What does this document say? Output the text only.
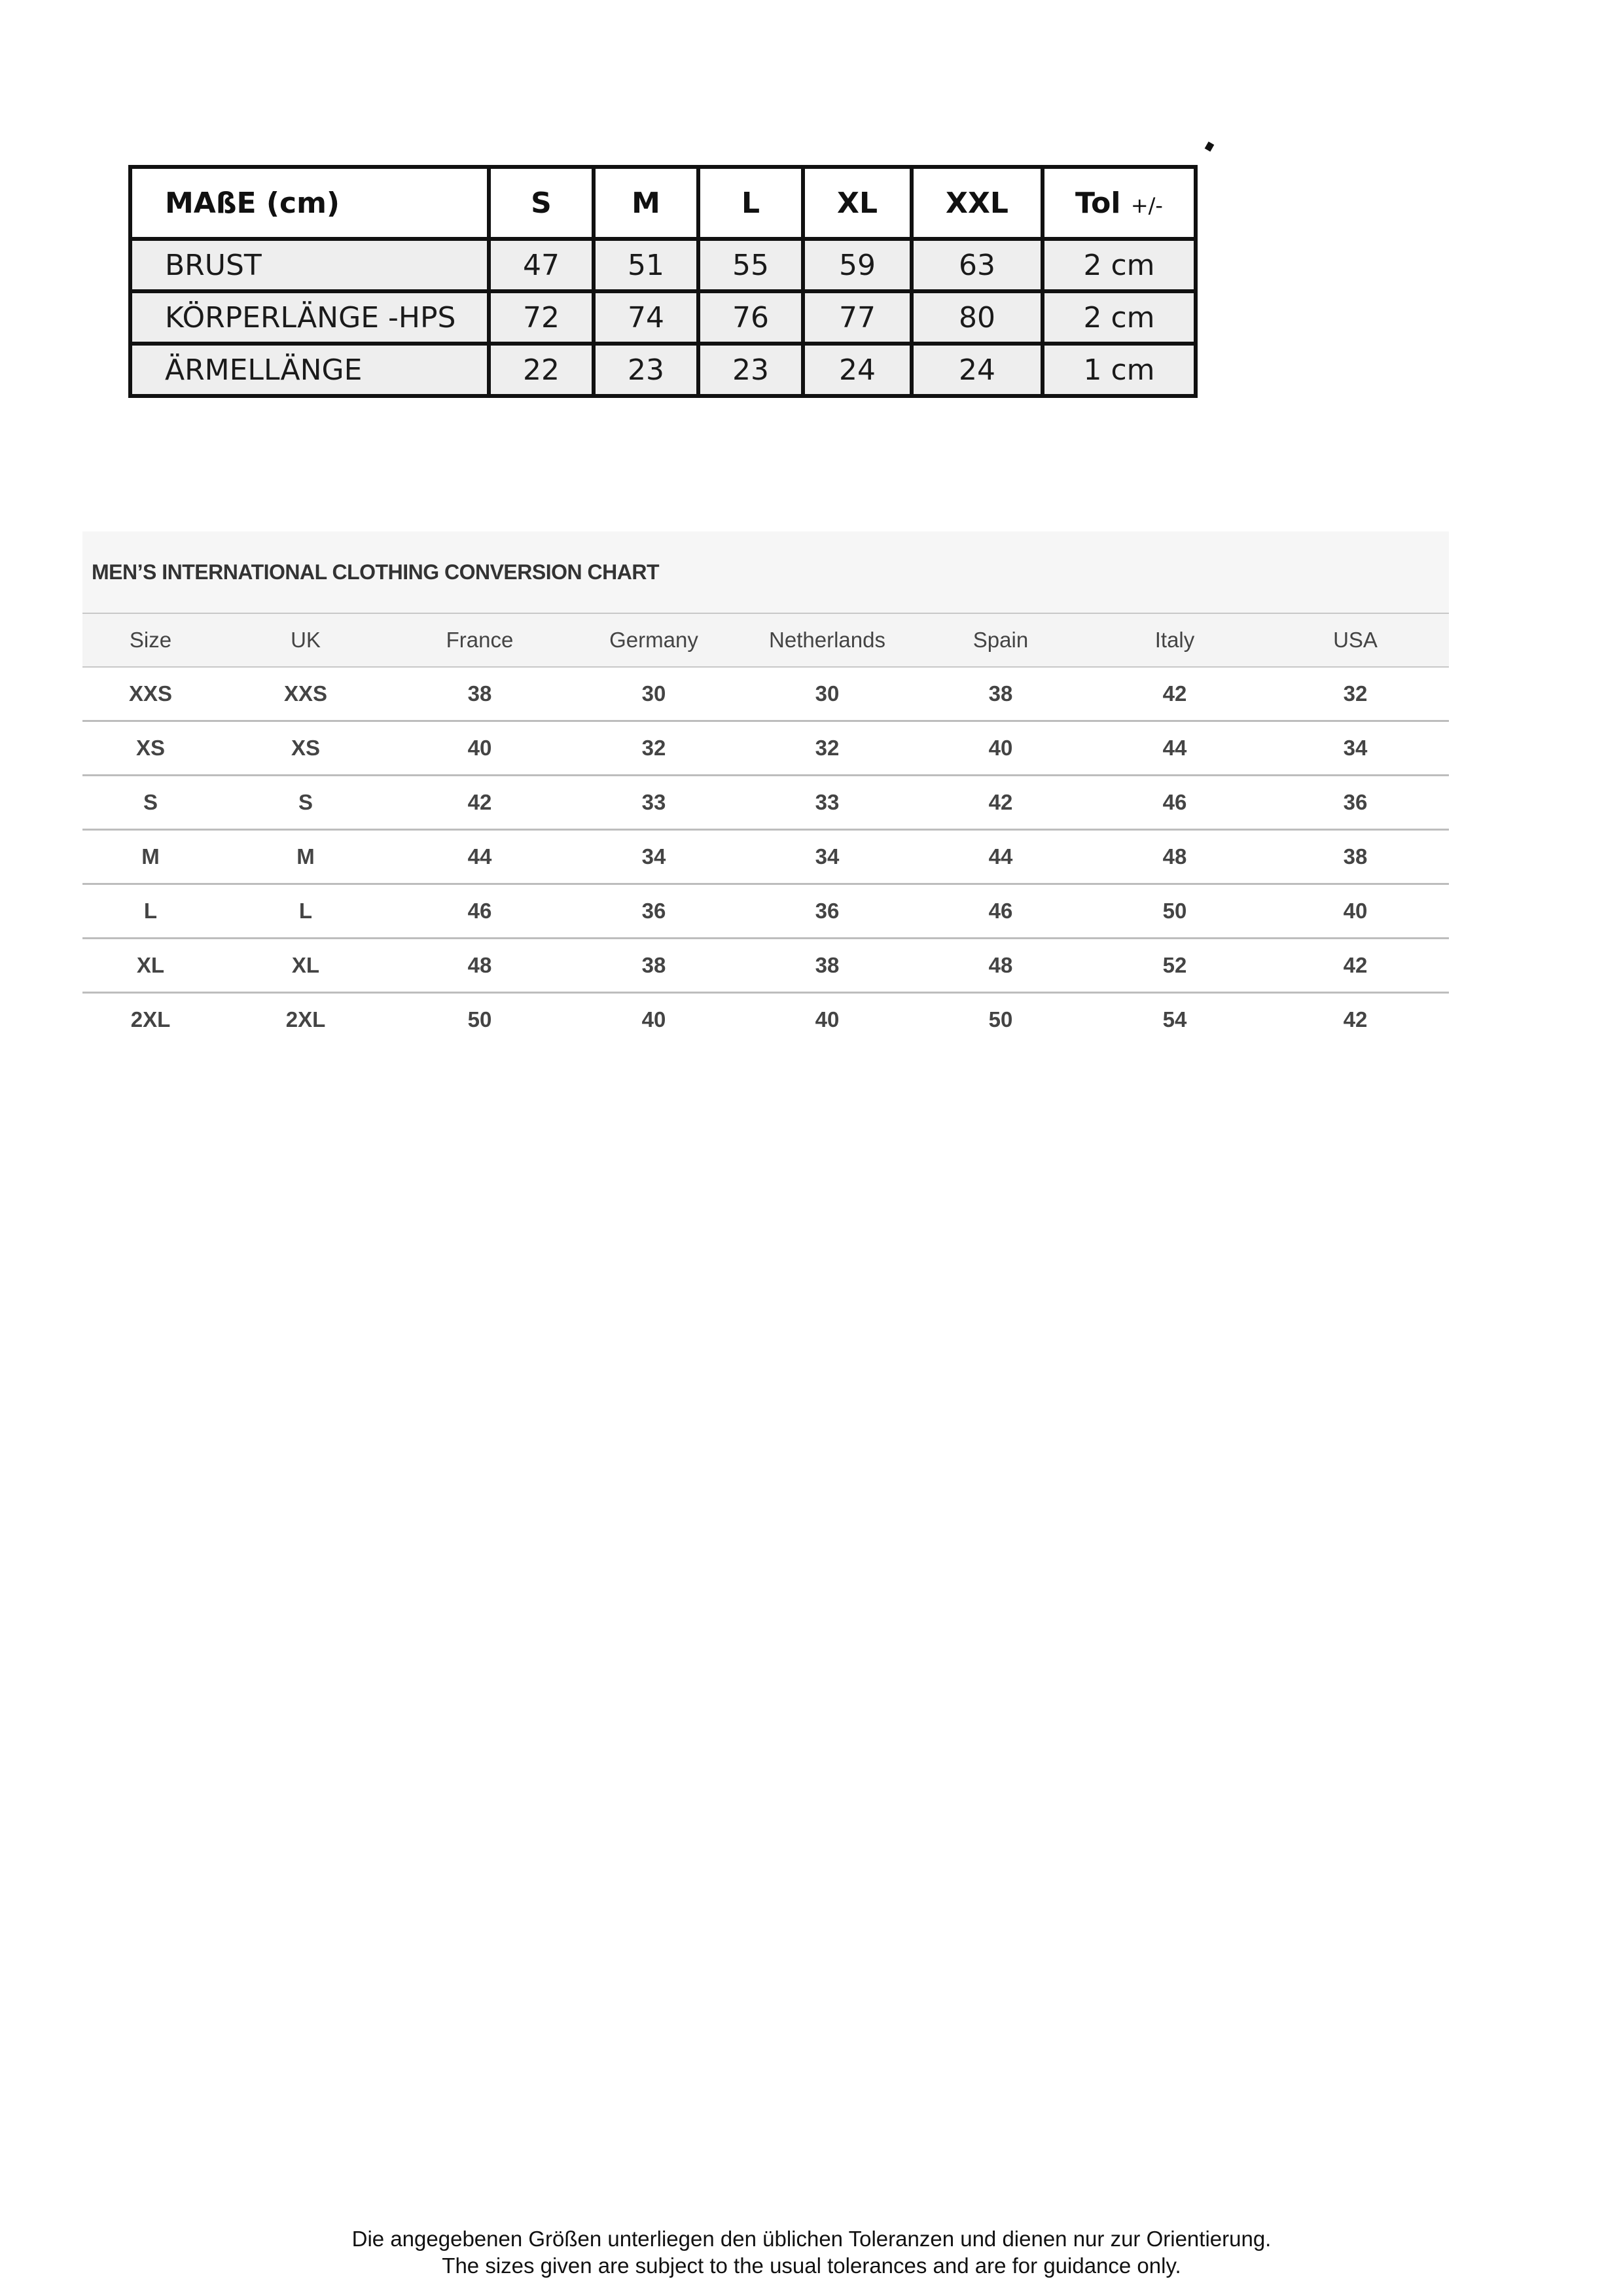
MAßE (cm)	S	M	L	XL	XXL	Tol +/-
BRUST	47	51	55	59	63	2 cm
KÖRPERLÄNGE -HPS	72	74	76	77	80	2 cm
ÄRMELLÄNGE	22	23	23	24	24	1 cm
MEN’S INTERNATIONAL CLOTHING CONVERSION CHART
Size	UK	France	Germany	Netherlands	Spain	Italy	USA
XXS	XXS	38	30	30	38	42	32
XS	XS	40	32	32	40	44	34
S	S	42	33	33	42	46	36
M	M	44	34	34	44	48	38
L	L	46	36	36	46	50	40
XL	XL	48	38	38	48	52	42
2XL	2XL	50	40	40	50	54	42
Die angegebenen Größen unterliegen den üblichen Toleranzen und dienen nur zur Orientierung.
The sizes given are subject to the usual tolerances and are for guidance only.
